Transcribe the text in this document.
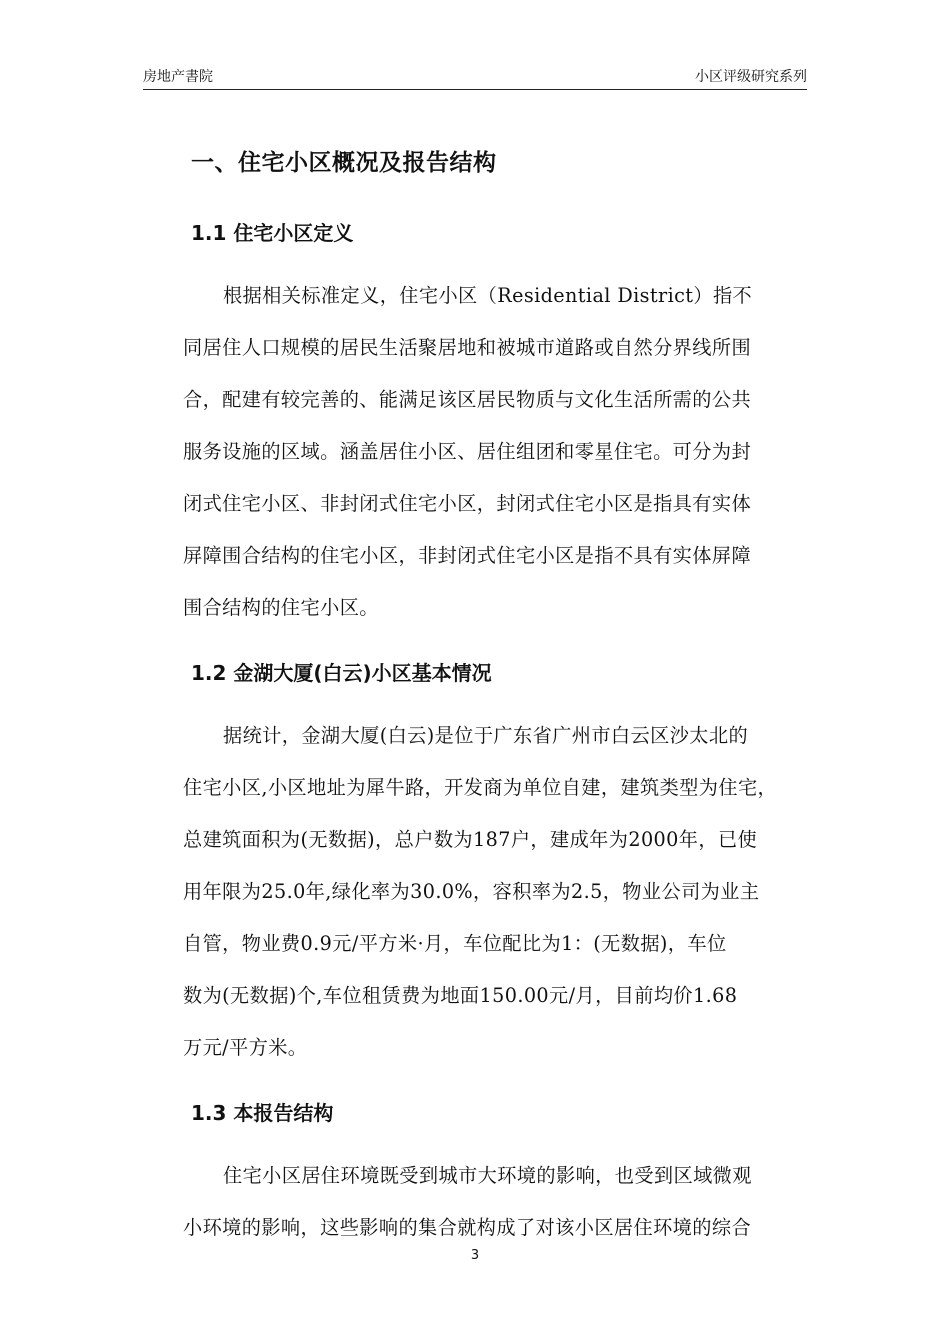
房地产書院	小区评级研究系列
一、住宅小区概况及报告结构
1.1 住宅小区定义
根据相关标准定义，住宅小区（Residential District）指不
同居住人口规模的居民生活聚居地和被城市道路或自然分界线所围
合，配建有较完善的、能满足该区居民物质与文化生活所需的公共
服务设施的区域。涵盖居住小区、居住组团和零星住宅。可分为封
闭式住宅小区、非封闭式住宅小区，封闭式住宅小区是指具有实体
屏障围合结构的住宅小区，非封闭式住宅小区是指不具有实体屏障
围合结构的住宅小区。
1.2 金湖大厦(白云)小区基本情况
据统计，金湖大厦(白云)是位于广东省广州市白云区沙太北的
住宅小区,小区地址为犀牛路，开发商为单位自建，建筑类型为住宅，
总建筑面积为(无数据)，总户数为187户，建成年为2000年，已使
用年限为25.0年,绿化率为30.0%，容积率为2.5，物业公司为业主
自管，物业费0.9元/平方米·月，车位配比为1：(无数据)，车位
数为(无数据)个,车位租赁费为地面150.00元/月，目前均价1.68
万元/平方米。
1.3 本报告结构
住宅小区居住环境既受到城市大环境的影响，也受到区域微观
小环境的影响，这些影响的集合就构成了对该小区居住环境的综合
3
